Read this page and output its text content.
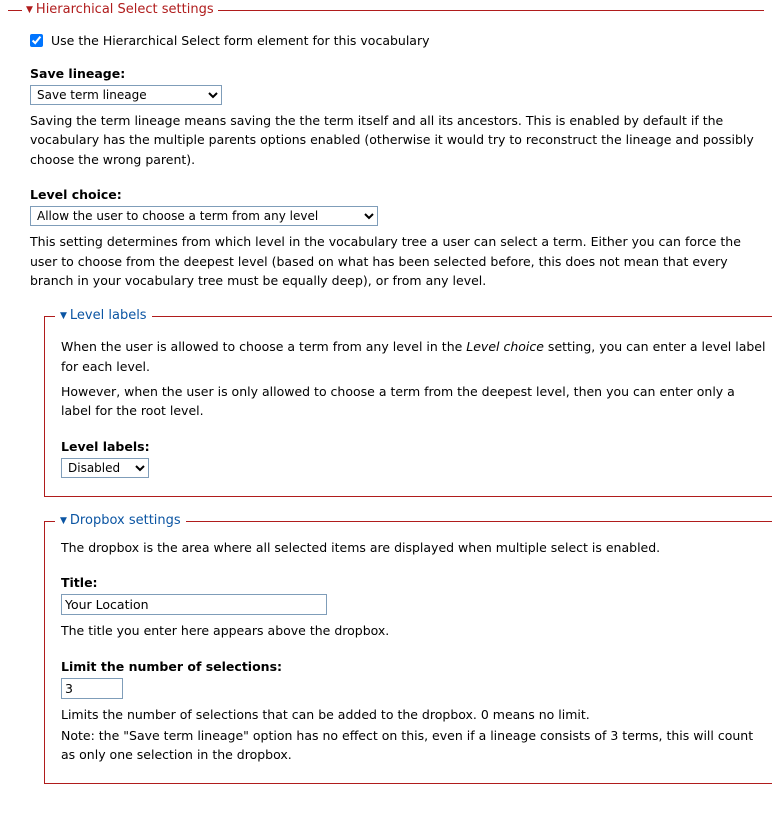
▼ Hierarchical Select settings
Use the Hierarchical Select form element for this vocabulary
Save lineage:
Save term lineage
Saving the term lineage means saving the the term itself and all its ancestors. This is enabled by default if the vocabulary has the multiple parents options enabled (otherwise it would try to reconstruct the lineage and possibly choose the wrong parent).
Level choice:
Allow the user to choose a term from any level
This setting determines from which level in the vocabulary tree a user can select a term. Either you can force the user to choose from the deepest level (based on what has been selected before, this does not mean that every branch in your vocabulary tree must be equally deep), or from any level.
▼ Level labels
When the user is allowed to choose a term from any level in the Level choice setting, you can enter a level label for each level.
However, when the user is only allowed to choose a term from the deepest level, then you can enter only a label for the root level.
Level labels:
Disabled
▼ Dropbox settings
The dropbox is the area where all selected items are displayed when multiple select is enabled.
Title:
Your Location
The title you enter here appears above the dropbox.
Limit the number of selections:
3
Limits the number of selections that can be added to the dropbox. 0 means no limit.
Note: the "Save term lineage" option has no effect on this, even if a lineage consists of 3 terms, this will count as only one selection in the dropbox.
